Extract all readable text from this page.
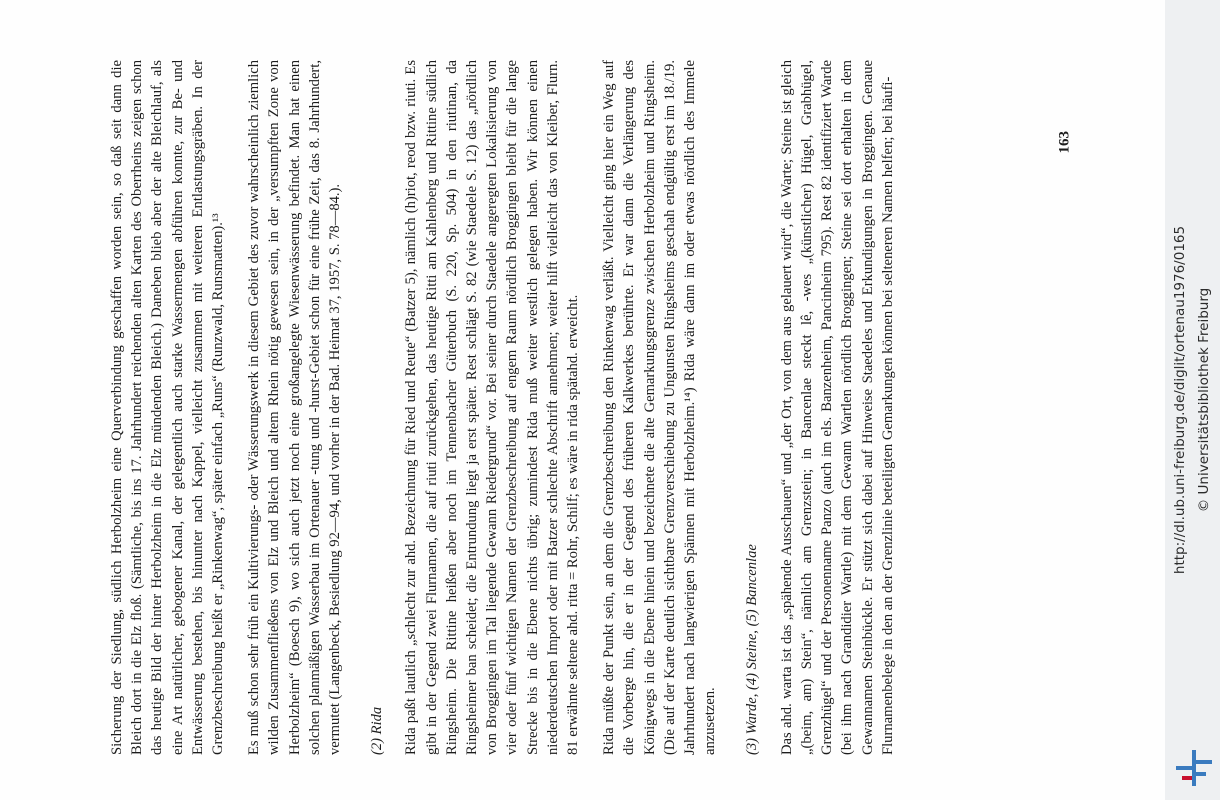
Sicherung der Siedlung, südlich Herbolzheim eine Querverbindung geschaffen worden sein, so daß seit dann die Bleich dort in die Elz floß. (Sämtliche, bis ins 17. Jahrhundert reichenden alten Karten des Oberrheins zeigen schon das heutige Bild der hinter Herbolzheim in die Elz mündenden Bleich.) Daneben blieb aber der alte Bleichlauf, als eine Art natürlicher, gebogener Kanal, der gelegentlich auch starke Wassermengen abführen konnte, zur Be- und Entwässerung bestehen, bis hinunter nach Kappel, vielleicht zusammen mit weiteren Entlastungsgräben. In der Grenzbeschreibung heißt er „Rinkenwag“, später einfach „Runs“ (Runzwald, Runsmatten).¹³ Es muß schon sehr früh ein Kultivierungs- oder Wässerungswerk in diesem Gebiet des zuvor wahrscheinlich ziemlich wilden Zusammenfließens von Elz und Bleich und altem Rhein nötig gewesen sein, in der „versumpften Zone von Herbolzheim“ (Boesch 9), wo sich auch jetzt noch eine großangelegte Wiesenwässerung befindet. Man hat einen solchen planmäßigen Wasserbau im Ortenauer -tung und -hurst-Gebiet schon für eine frühe Zeit, das 8. Jahrhundert, vermutet (Langenbeck, Besiedlung 92—94, und vorher in der Bad. Heimat 37, 1957, S. 78—84.). (2) Rida Rida paßt lautlich „schlecht zur ahd. Bezeichnung für Ried und Reute“ (Batzer 5), nämlich (h)riot, reod bzw. riuti. Es gibt in der Gegend zwei Flurnamen, die auf riuti zurückgehen, das heutige Ritti am Kahlenberg und Rittine südlich Ringsheim. Die Rittine heißen aber noch im Tennenbacher Güterbuch (S. 220, Sp. 504) in den riutinan, da Ringsheimer ban scheidet; die Entrundung liegt ja erst später. Rest schlägt S. 82 (wie Staedele S. 12) das „nördlich von Broggingen im Tal liegende Gewann Riedergrund“ vor. Bei seiner durch Staedele angeregten Lokalisierung von vier oder fünf wichtigen Namen der Grenzbeschreibung auf engem Raum nördlich Broggingen bleibt für die lange Strecke bis in die Ebene nichts übrig; zumindest Rida muß weiter westlich gelegen haben. Wir können einen niederdeutschen Import oder mit Batzer schlechte Abschrift annehmen; weiter hilft vielleicht das von Kleiber, Flurn. 81 erwähnte seltene ahd. ritta = Rohr, Schilf; es wäre in rida spätahd. erweicht. Rida müßte der Punkt sein, an dem die Grenzbeschreibung den Rinkenwag verläßt. Vielleicht ging hier ein Weg auf die Vorberge hin, die er in der Gegend des früheren Kalkwerkes berührte. Er war dann die Verlängerung des Königwegs in die Ebene hinein und bezeichnete die alte Gemarkungsgrenze zwischen Herbolzheim und Ringsheim. (Die auf der Karte deutlich sichtbare Grenzverschiebung zu Ungunsten Ringsheims geschah endgültig erst im 18./19. Jahrhundert nach langwierigen Spännen mit Herbolzheim.¹⁴) Rida wäre dann im oder etwas nördlich des Immele anzusetzen. (3) Warde, (4) Steine, (5) Bancenlae Das ahd. warta ist das „spähende Ausschauen“ und „der Ort, von dem aus gelauert wird“, die Warte; Steine ist gleich „(beim, am) Stein“, nämlich am Grenzstein; in Bancenlae steckt lê, -wes „(künstlicher) Hügel, Grabhügel, Grenzhügel“ und der Personenname Panzo (auch im els. Banzenheim, Pancinheim 795). Rest 82 identifiziert Warde (bei ihm nach Grandidier Wartle) mit dem Gewann Wartlen nördlich Broggingen; Steine sei dort erhalten in dem Gewannamen Steinbückle. Er stützt sich dabei auf Hinweise Staedeles und Erkundigungen in Broggingen. Genaue Flurnamenbelege in den an der Grenzlinie beteiligten Gemarkungen können bei selteneren Namen helfen; bei häufi-	163
http://dl.ub.uni-freiburg.de/diglit/ortenau1976/0165 © Universitätsbibliothek Freiburg
